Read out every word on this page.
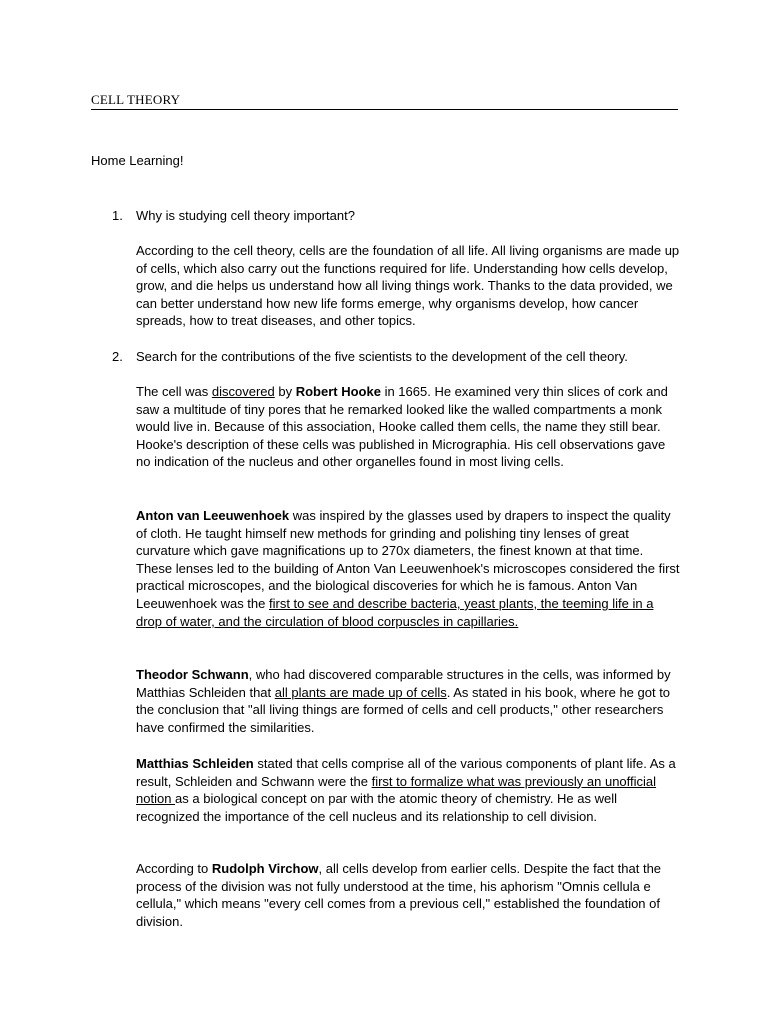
CELL THEORY
Home Learning!
1. Why is studying cell theory important?

According to the cell theory, cells are the foundation of all life. All living organisms are made up of cells, which also carry out the functions required for life. Understanding how cells develop, grow, and die helps us understand how all living things work. Thanks to the data provided, we can better understand how new life forms emerge, why organisms develop, how cancer spreads, how to treat diseases, and other topics.

2. Search for the contributions of the five scientists to the development of the cell theory.

The cell was discovered by Robert Hooke in 1665. He examined very thin slices of cork and saw a multitude of tiny pores that he remarked looked like the walled compartments a monk would live in. Because of this association, Hooke called them cells, the name they still bear. Hooke's description of these cells was published in Micrographia. His cell observations gave no indication of the nucleus and other organelles found in most living cells.

Anton van Leeuwenhoek was inspired by the glasses used by drapers to inspect the quality of cloth. He taught himself new methods for grinding and polishing tiny lenses of great curvature which gave magnifications up to 270x diameters, the finest known at that time. These lenses led to the building of Anton Van Leeuwenhoek's microscopes considered the first practical microscopes, and the biological discoveries for which he is famous. Anton Van Leeuwenhoek was the first to see and describe bacteria, yeast plants, the teeming life in a drop of water, and the circulation of blood corpuscles in capillaries.

Theodor Schwann, who had discovered comparable structures in the cells, was informed by Matthias Schleiden that all plants are made up of cells. As stated in his book, where he got to the conclusion that "all living things are formed of cells and cell products," other researchers have confirmed the similarities.

Matthias Schleiden stated that cells comprise all of the various components of plant life. As a result, Schleiden and Schwann were the first to formalize what was previously an unofficial notion as a biological concept on par with the atomic theory of chemistry. He as well recognized the importance of the cell nucleus and its relationship to cell division.

According to Rudolph Virchow, all cells develop from earlier cells. Despite the fact that the process of the division was not fully understood at the time, his aphorism "Omnis cellula e cellula," which means "every cell comes from a previous cell," established the foundation of division.
